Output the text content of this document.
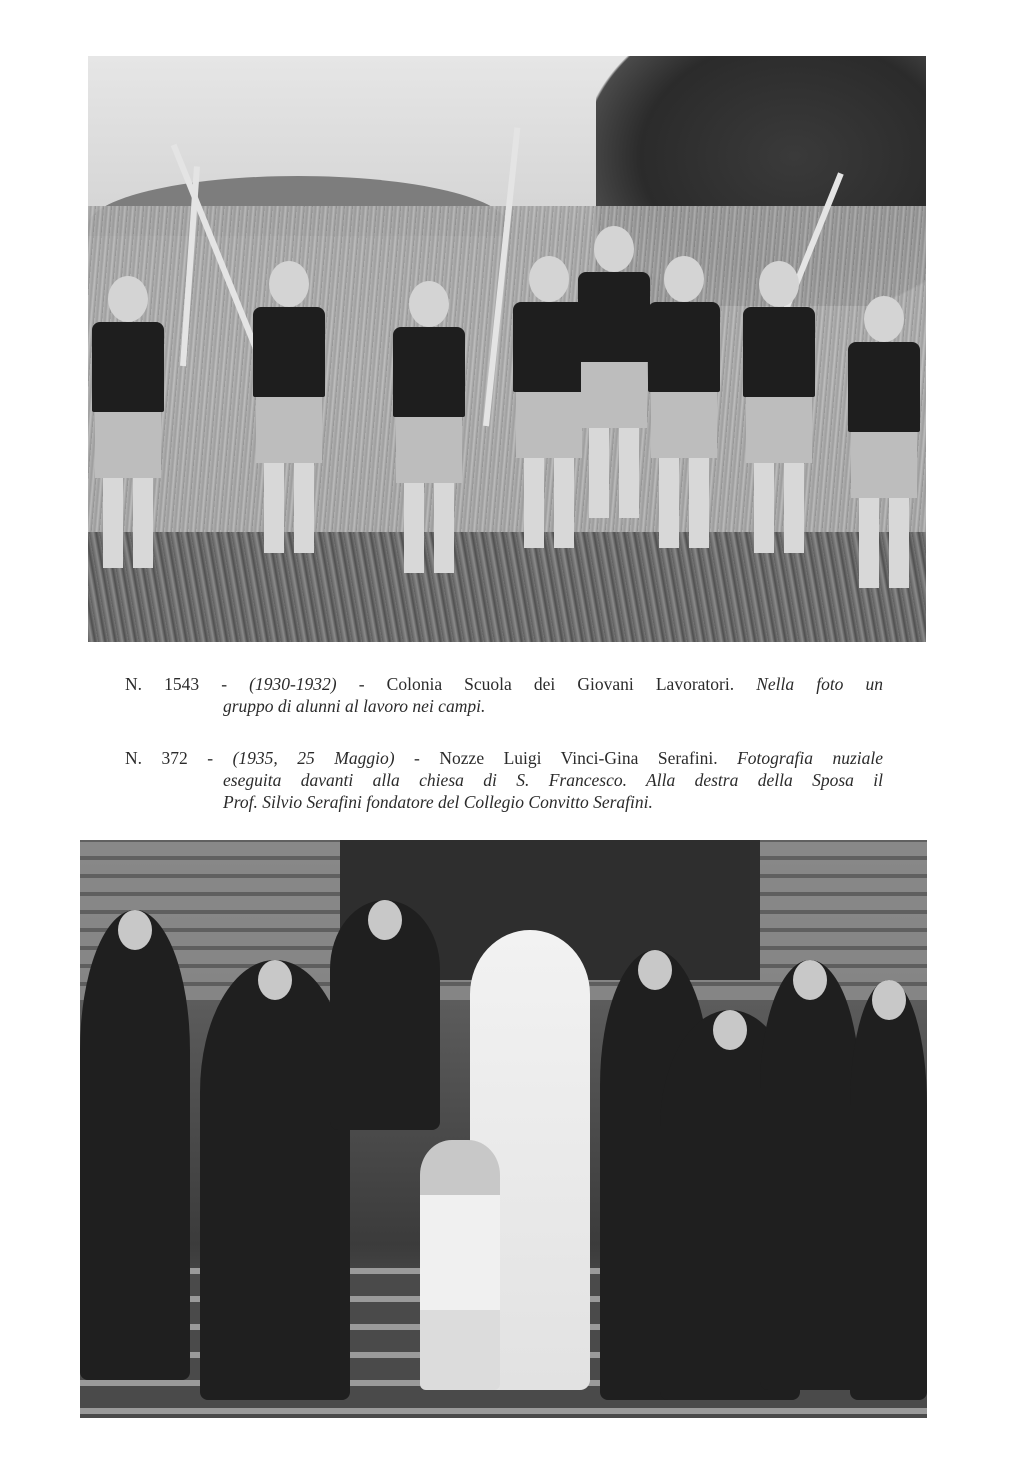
N. 1543 - (1930-1932) - Colonia Scuola dei Giovani Lavoratori. Nella foto un
gruppo di alunni al lavoro nei campi.
N. 372 - (1935, 25 Maggio) - Nozze Luigi Vinci-Gina Serafini. Fotografia nuziale
eseguita davanti alla chiesa di S. Francesco. Alla destra della Sposa il
Prof. Silvio Serafini fondatore del Collegio Convitto Serafini.
